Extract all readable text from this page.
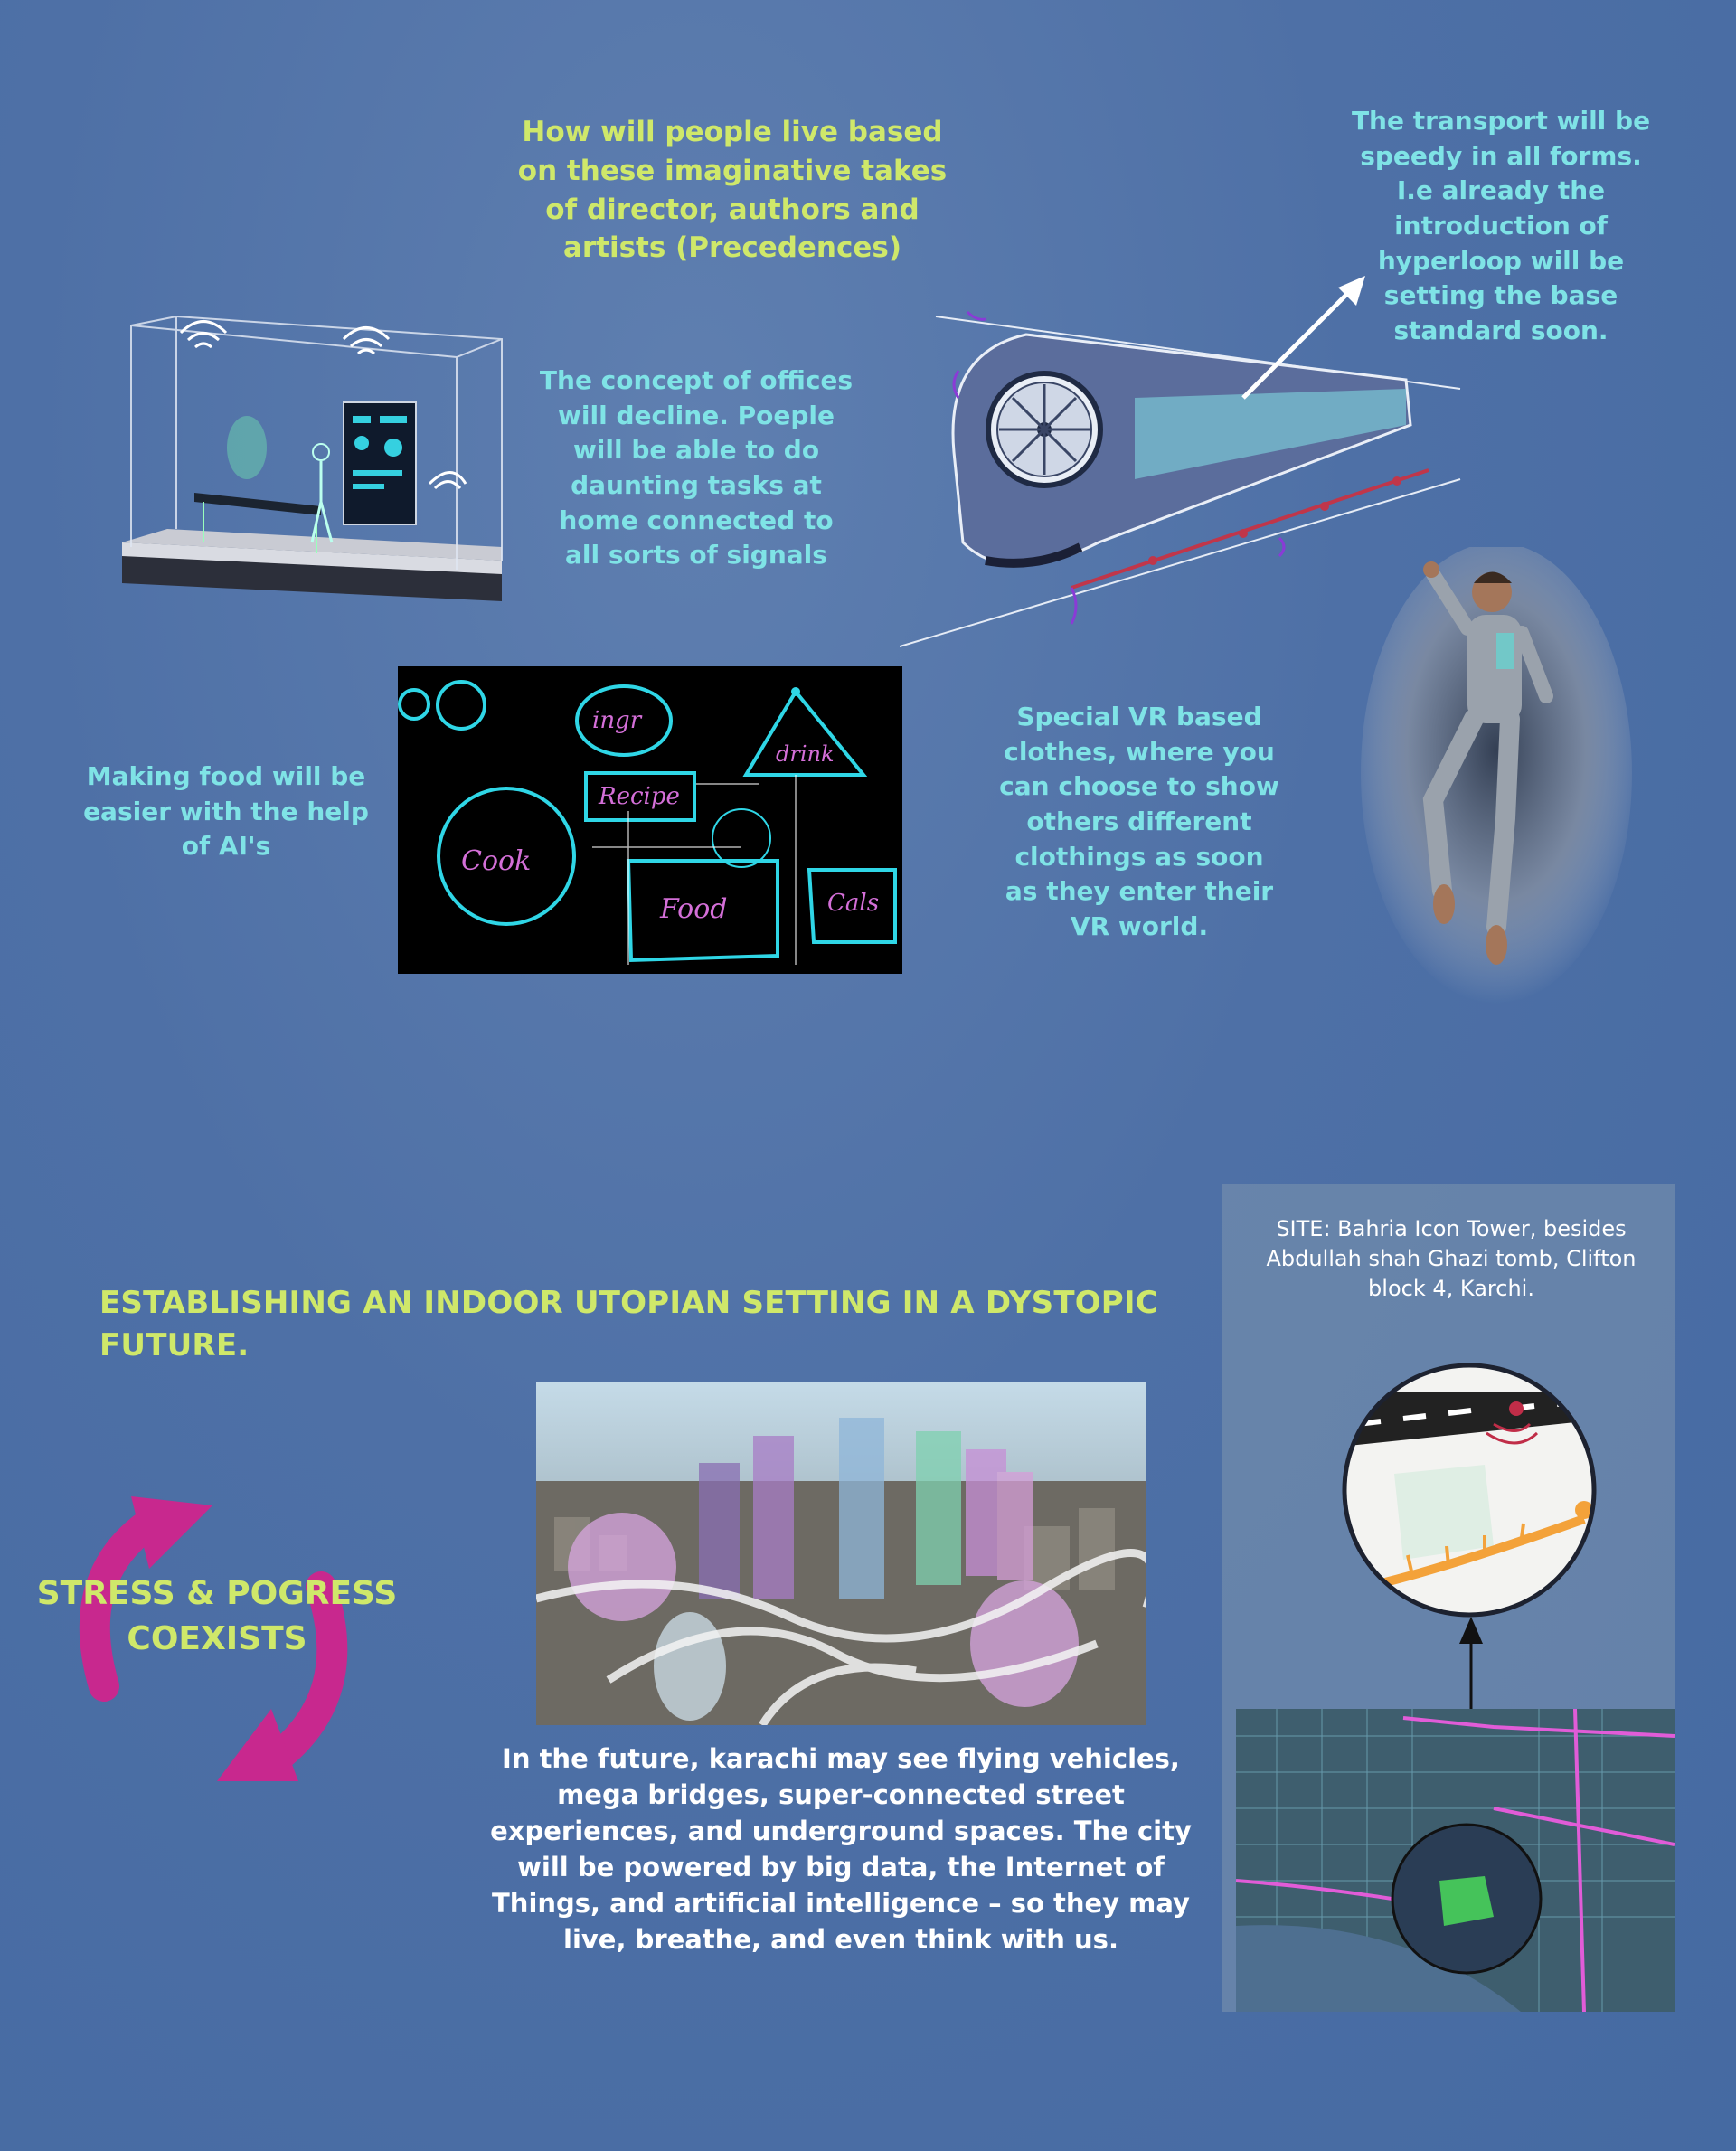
How will people live based on these imaginative takes of director, authors and artists (Precedences)
The concept of offices will decline. Poeple will be able to do daunting tasks at home connected to all sorts of signals
The transport will be speedy in all forms. I.e already the introduction of hyperloop will be setting the base standard soon.
Making food will be easier with the help of AI's
ingr
drink
Recipe
Cook
Food	Cals
Special VR based clothes, where you can choose to show others different clothings as soon as they enter their VR world.
ESTABLISHING AN INDOOR UTOPIAN SETTING IN A DYSTOPIC FUTURE.
STRESS & POGRESS
COEXISTS
In the future, karachi may see flying vehicles, mega bridges, super-connected street experiences, and underground spaces. The city will be powered by big data, the Internet of Things, and artificial intelligence – so they may live, breathe, and even think with us.
SITE: Bahria Icon Tower, besides Abdullah shah Ghazi tomb, Clifton block 4, Karchi.
